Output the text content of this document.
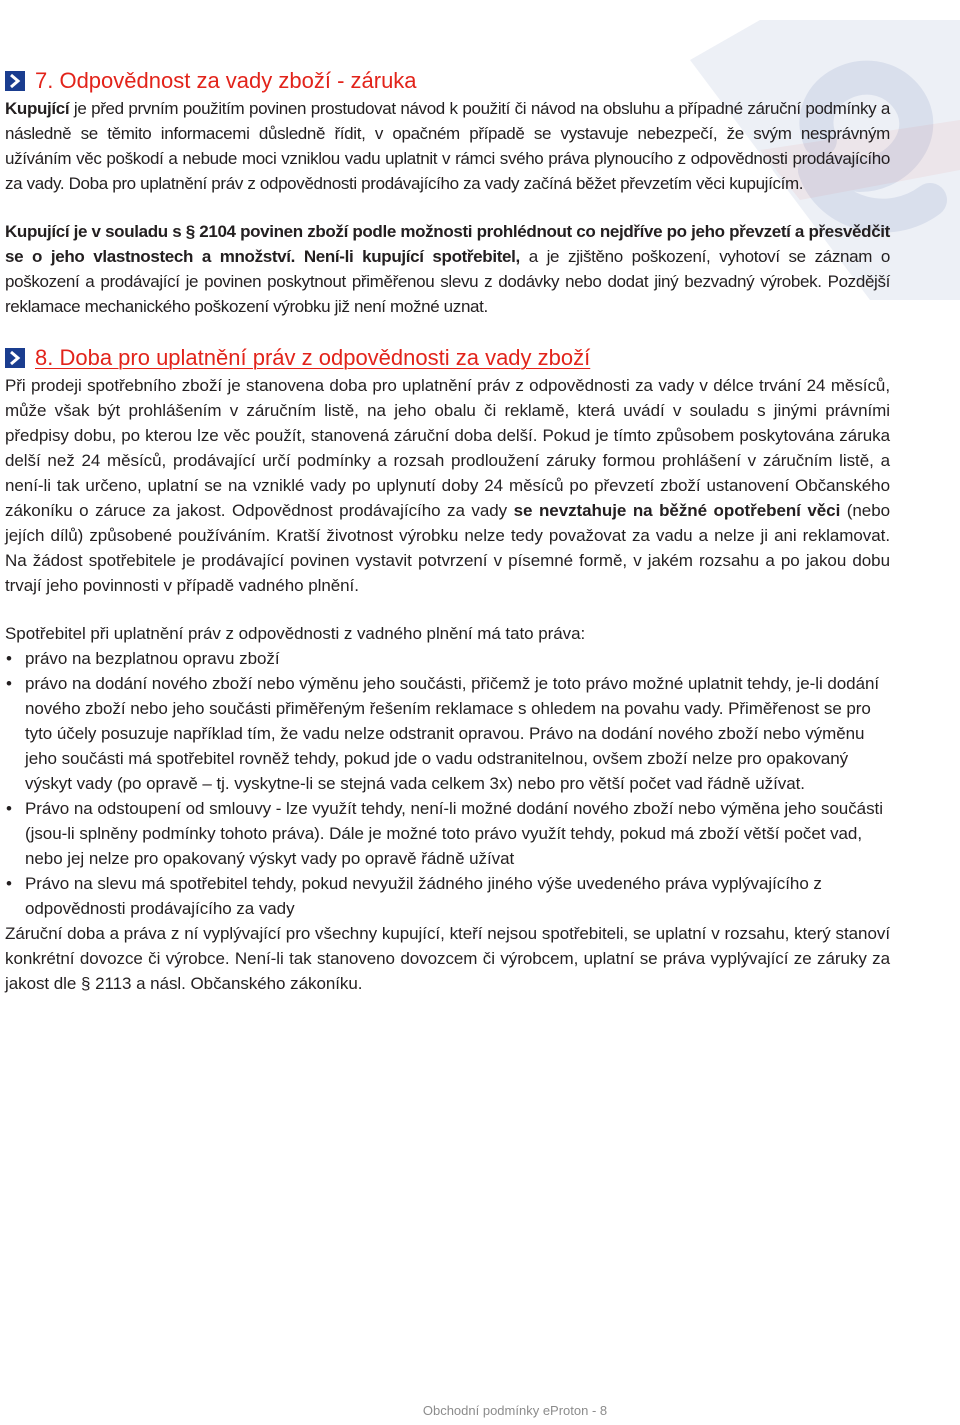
7. Odpovědnost za vady zboží - záruka

Kupující je před prvním použitím povinen prostudovat návod k použití či návod na obsluhu a případné záruční podmínky a následně se těmito informacemi důsledně řídit, v opačném případě se vystavuje nebezpečí, že svým nesprávným užíváním věc poškodí a nebude moci vzniklou vadu uplatnit v rámci svého práva plynoucího z odpovědnosti prodávajícího za vady. Doba pro uplatnění práv z odpovědnosti prodávajícího za vady začíná běžet převzetím věci kupujícím.

Kupující je v souladu s § 2104 povinen zboží podle možnosti prohlédnout co nejdříve po jeho převzetí a přesvědčit se o jeho vlastnostech a množství. Není-li kupující spotřebitel, a je zjištěno poškození, vyhotoví se záznam o poškození a prodávající je povinen poskytnout přiměřenou slevu z dodávky nebo dodat jiný bezvadný výrobek. Pozdější reklamace mechanického poškození výrobku již není možné uznat.

8. Doba pro uplatnění práv z odpovědnosti za vady zboží

Při prodeji spotřebního zboží je stanovena doba pro uplatnění práv z odpovědnosti za vady v délce trvání 24 měsíců, může však být prohlášením v záručním listě, na jeho obalu či reklamě, která uvádí v souladu s jinými právními předpisy dobu, po kterou lze věc použít, stanovená záruční doba delší. Pokud je tímto způsobem poskytována záruka delší než 24 měsíců, prodávající určí podmínky a rozsah prodloužení záruky formou prohlášení v záručním listě, a není-li tak určeno, uplatní se na vzniklé vady po uplynutí doby 24 měsíců po převzetí zboží ustanovení Občanského zákoníku o záruce za jakost. Odpovědnost prodávajícího za vady se nevztahuje na běžné opotřebení věci (nebo jejích dílů) způsobené používáním. Kratší životnost výrobku nelze tedy považovat za vadu a nelze ji ani reklamovat. Na žádost spotřebitele je prodávající povinen vystavit potvrzení v písemné formě, v jakém rozsahu a po jakou dobu trvají jeho povinnosti v případě vadného plnění.

Spotřebitel při uplatnění práv z odpovědnosti z vadného plnění má tato práva:

• právo na bezplatnou opravu zboží
• právo na dodání nového zboží nebo výměnu jeho součásti, přičemž je toto právo možné uplatnit tehdy, je-li dodání nového zboží nebo jeho součásti přiměřeným řešením reklamace s ohledem na povahu vady. Přiměřenost se pro tyto účely posuzuje například tím, že vadu nelze odstranit opravou. Právo na dodání nového zboží nebo výměnu jeho součásti má spotřebitel rovněž tehdy, pokud jde o vadu odstranitelnou, ovšem zboží nelze pro opakovaný výskyt vady (po opravě – tj. vyskytne-li se stejná vada celkem 3x) nebo pro větší počet vad řádně užívat.
• Právo na odstoupení od smlouvy - lze využít tehdy, není-li možné dodání nového zboží nebo výměna jeho součásti (jsou-li splněny podmínky tohoto práva). Dále je možné toto právo využít tehdy, pokud má zboží větší počet vad, nebo jej nelze pro opakovaný výskyt vady po opravě řádně užívat
• Právo na slevu má spotřebitel tehdy, pokud nevyužil žádného jiného výše uvedeného práva vyplývajícího z odpovědnosti prodávajícího za vady

Záruční doba a práva z ní vyplývající pro všechny kupující, kteří nejsou spotřebiteli, se uplatní v rozsahu, který stanoví konkrétní dovozce či výrobce. Není-li tak stanoveno dovozcem či výrobcem, uplatní se práva vyplývající ze záruky za jakost dle § 2113 a násl. Občanského zákoníku.

Obchodní podmínky eProton - 8
